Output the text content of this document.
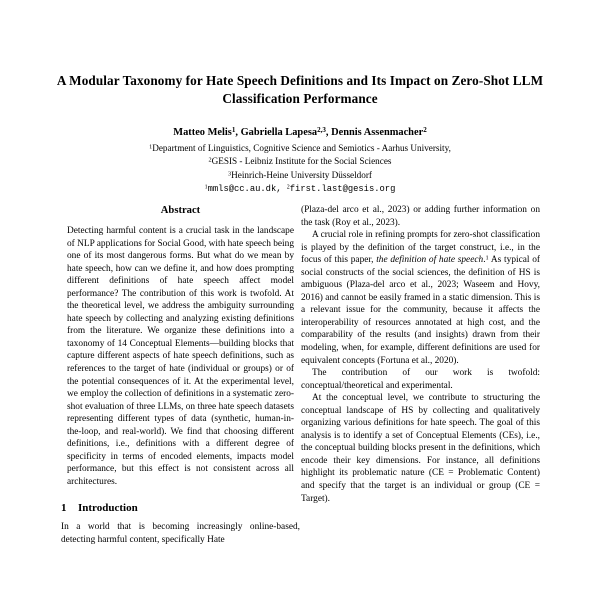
A Modular Taxonomy for Hate Speech Definitions and Its Impact on Zero-Shot LLM Classification Performance
Matteo Melis$^1$, Gabriella Lapesa$^{2,3}$, Dennis Assenmacher$^2$
$^1$Department of Linguistics, Cognitive Science and Semiotics - Aarhus University,
$^2$GESIS - Leibniz Institute for the Social Sciences
$^3$Heinrich-Heine University Düsseldorf
$^1$mmls@cc.au.dk, $^2$first.last@gesis.org
Abstract

Detecting harmful content is a crucial task in the landscape of NLP applications for Social Good, with hate speech being one of its most dangerous forms. But what do we mean by hate speech, how can we define it, and how does prompting different definitions of hate speech affect model performance? The contribution of this work is twofold. At the theoretical level, we address the ambiguity surrounding hate speech by collecting and analyzing existing definitions from the literature. We organize these definitions into a taxonomy of 14 Conceptual Elements—building blocks that capture different aspects of hate speech definitions, such as references to the target of hate (individual or groups) or of the potential consequences of it. At the experimental level, we employ the collection of definitions in a systematic zero-shot evaluation of three LLMs, on three hate speech datasets representing different types of data (synthetic, human-in-the-loop, and real-world). We find that choosing different definitions, i.e., definitions with a different degree of specificity in terms of encoded elements, impacts model performance, but this effect is not consistent across all architectures.

1 Introduction

In a world that is becoming increasingly online-based, detecting harmful content, specifically Hate

(Plaza-del arco et al., 2023) or adding further information on the task (Roy et al., 2023).

A crucial role in refining prompts for zero-shot classification is played by the definition of the target construct, i.e., in the focus of this paper, the definition of hate speech.$^1$ As typical of social constructs of the social sciences, the definition of HS is ambiguous (Plaza-del arco et al., 2023; Waseem and Hovy, 2016) and cannot be easily framed in a static dimension. This is a relevant issue for the community, because it affects the interoperability of resources annotated at high cost, and the comparability of the results (and insights) drawn from their modeling, when, for example, different definitions are used for equivalent concepts (Fortuna et al., 2020).

The contribution of our work is twofold: conceptual/theoretical and experimental.

At the conceptual level, we contribute to structuring the conceptual landscape of HS by collecting and qualitatively organizing various definitions for hate speech. The goal of this analysis is to identify a set of Conceptual Elements (CEs), i.e., the conceptual building blocks present in the definitions, which encode their key dimensions. For instance, all definitions highlight its problematic nature (CE = Problematic Content) and specify that the target is an individual or group (CE = Target).
